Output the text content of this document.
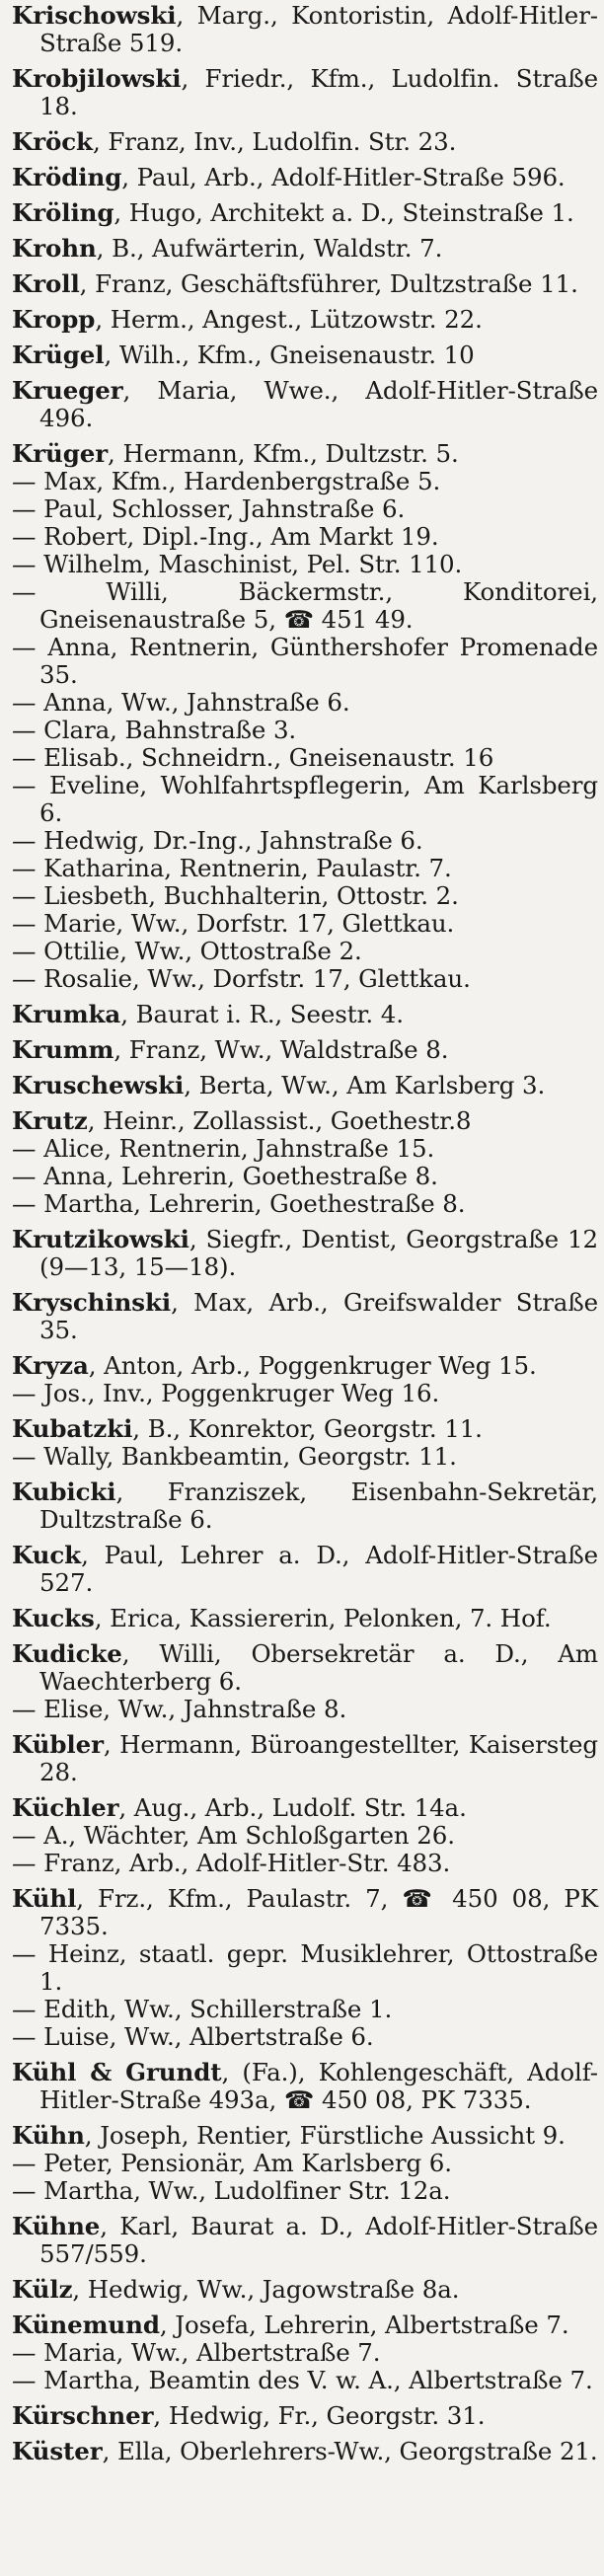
Krischowski, Marg., Kontoristin, Adolf-Hitler-Straße 519.

Krobjilowski, Friedr., Kfm., Ludolfin. Straße 18.

Kröck, Franz, Inv., Ludolfin. Str. 23.

Kröding, Paul, Arb., Adolf-Hitler-Straße 596.

Kröling, Hugo, Architekt a. D., Steinstraße 1.

Krohn, B., Aufwärterin, Waldstr. 7.

Kroll, Franz, Geschäftsführer, Dultzstraße 11.

Kropp, Herm., Angest., Lützowstr. 22.

Krügel, Wilh., Kfm., Gneisenaustr. 10

Krueger, Maria, Wwe., Adolf-Hitler-Straße 496.

Krüger, Hermann, Kfm., Dultzstr. 5.

— Max, Kfm., Hardenbergstraße 5.

— Paul, Schlosser, Jahnstraße 6.

— Robert, Dipl.-Ing., Am Markt 19.

— Wilhelm, Maschinist, Pel. Str. 110.

—	Willi, Bäckermstr., Konditorei, Gneisenaustraße 5, ☎ 451 49.

— Anna, Rentnerin, Günthershofer Promenade 35.

— Anna, Ww., Jahnstraße 6.

— Clara, Bahnstraße 3.

— Elisab., Schneidrn., Gneisenaustr. 16

— Eveline, Wohlfahrtspflegerin, Am Karlsberg 6.

— Hedwig, Dr.-Ing., Jahnstraße 6.

— Katharina, Rentnerin, Paulastr. 7.

— Liesbeth, Buchhalterin, Ottostr. 2.

— Marie, Ww., Dorfstr. 17, Glettkau.

— Ottilie, Ww., Ottostraße 2.

— Rosalie, Ww., Dorfstr. 17, Glettkau.

Krumka, Baurat i. R., Seestr. 4.

Krumm, Franz, Ww., Waldstraße 8.

Kruschewski, Berta, Ww., Am Karlsberg 3.

Krutz, Heinr., Zollassist., Goethestr.8

— Alice, Rentnerin, Jahnstraße 15.

— Anna, Lehrerin, Goethestraße 8.

— Martha, Lehrerin, Goethestraße 8.

Krutzikowski, Siegfr., Dentist, Georgstraße 12 (9—13, 15—18).

Kryschinski, Max, Arb., Greifswalder Straße 35.

Kryza, Anton, Arb., Poggenkruger Weg 15.

— Jos., Inv., Poggenkruger Weg 16.

Kubatzki, B., Konrektor, Georgstr. 11.

— Wally, Bankbeamtin, Georgstr. 11.

Kubicki, Franziszek, Eisenbahn-Sekretär, Dultzstraße 6.

Kuck, Paul, Lehrer a. D., Adolf-Hitler-Straße 527.

Kucks, Erica, Kassiererin, Pelonken, 7. Hof.

Kudicke, Willi, Obersekretär a. D., Am Waechterberg 6.

— Elise, Ww., Jahnstraße 8.

Kübler, Hermann, Büroangestellter, Kaisersteg 28.

Küchler, Aug., Arb., Ludolf. Str. 14a.

— A., Wächter, Am Schloßgarten 26.

— Franz, Arb., Adolf-Hitler-Str. 483.

Kühl, Frz., Kfm., Paulastr. 7, ☎ 450 08, PK 7335.

— Heinz, staatl. gepr. Musiklehrer, Ottostraße 1.

— Edith, Ww., Schillerstraße 1.

— Luise, Ww., Albertstraße 6.

Kühl & Grundt, (Fa.), Kohlengeschäft, Adolf-Hitler-Straße 493a, ☎ 450 08, PK 7335.

Kühn, Joseph, Rentier, Fürstliche Aussicht 9.

— Peter, Pensionär, Am Karlsberg 6.

— Martha, Ww., Ludolfiner Str. 12a.

Kühne, Karl, Baurat a. D., Adolf-Hitler-Straße 557/559.

Külz, Hedwig, Ww., Jagowstraße 8a.

Künemund, Josefa, Lehrerin, Albertstraße 7.

— Maria, Ww., Albertstraße 7.

— Martha, Beamtin des V. w. A., Albertstraße 7.

Kürschner, Hedwig, Fr., Georgstr. 31.

Küster, Ella, Oberlehrers-Ww., Georgstraße 21.
